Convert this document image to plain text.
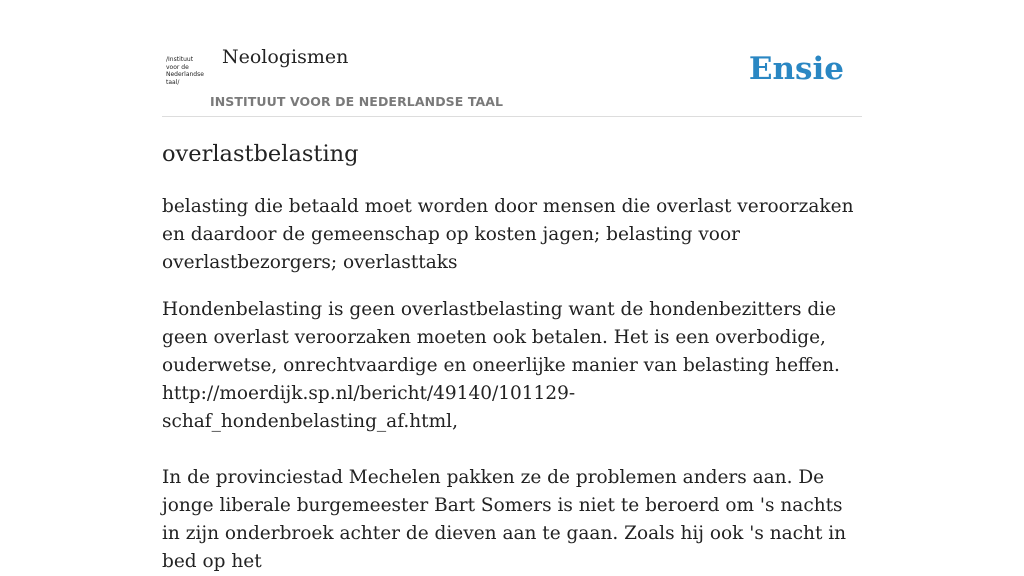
/Instituut
voor de
Nederlandse
taal/
Neologismen
INSTITUUT VOOR DE NEDERLANDSE TAAL
Ensie
overlastbelasting

belasting die betaald moet worden door mensen die overlast veroorzaken en daardoor de gemeenschap op kosten jagen; belasting voor overlastbezorgers; overlasttaks

Hondenbelasting is geen overlastbelasting want de hondenbezitters die geen overlast veroorzaken moeten ook betalen. Het is een overbodige, ouderwetse, onrechtvaardige en oneerlijke manier van belasting heffen. http://moerdijk.sp.nl/bericht/49140/101129-schaf_hondenbelasting_af.html,
In de provinciestad Mechelen pakken ze de problemen anders aan. De jonge liberale burgemeester Bart Somers is niet te beroerd om 's nachts in zijn onderbroek achter de dieven aan te gaan. Zoals hij ook 's nacht in bed op het
